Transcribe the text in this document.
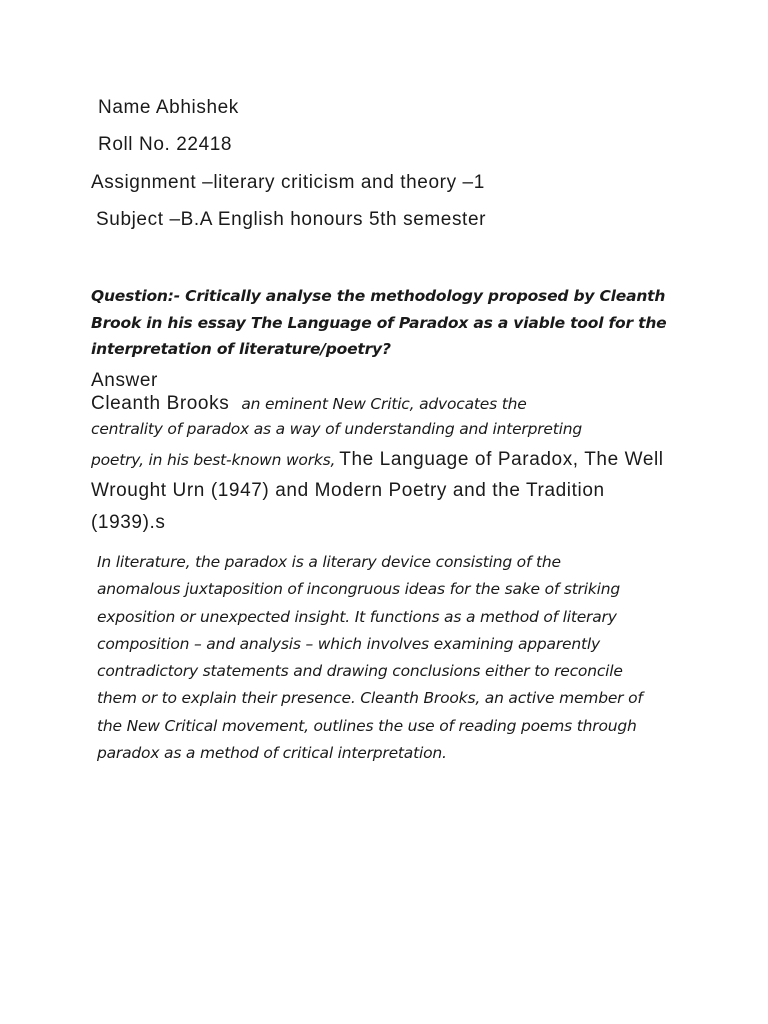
Name Abhishek
Roll No. 22418
Assignment –literary criticism and theory –1
Subject –B.A English honours 5th semester
Question:- Critically analyse the methodology proposed by Cleanth
Brook in his essay The Language of Paradox as a viable tool for the
interpretation of literature/poetry?
Answer
Cleanth Brooks an eminent New Critic, advocates the
centrality of paradox as a way of understanding and interpreting
poetry, in his best-known works, The Language of Paradox, The Well
Wrought Urn (1947) and Modern Poetry and the Tradition
(1939).s
In literature, the paradox is a literary device consisting of the
anomalous juxtaposition of incongruous ideas for the sake of striking
exposition or unexpected insight. It functions as a method of literary
composition – and analysis – which involves examining apparently
contradictory statements and drawing conclusions either to reconcile
them or to explain their presence. Cleanth Brooks, an active member of
the New Critical movement, outlines the use of reading poems through
paradox as a method of critical interpretation.
